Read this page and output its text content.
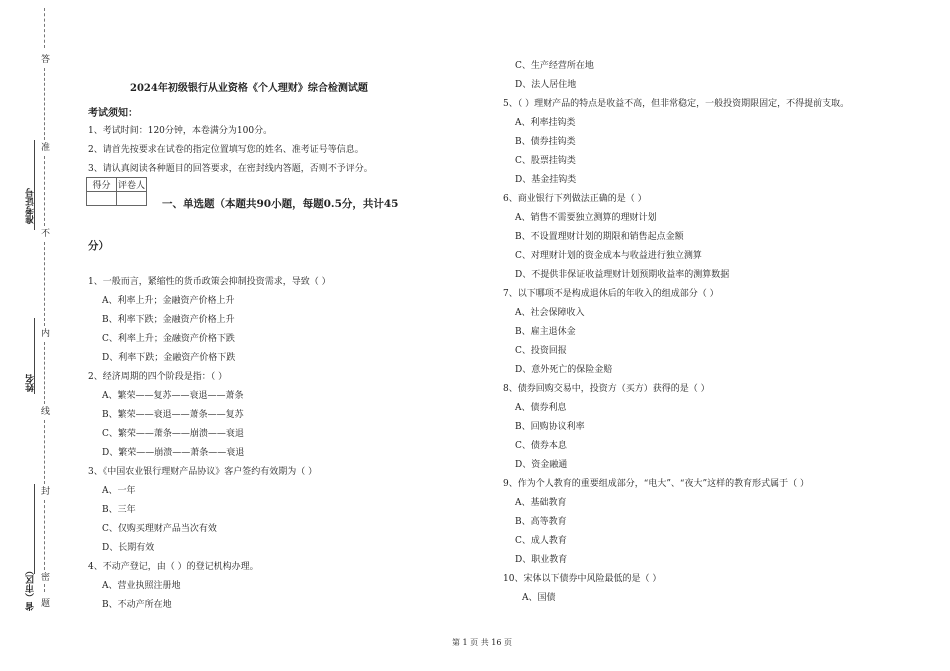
答
准
不
内
线
封
密
题
准考证号
姓名
省（市区）
2024年初级银行从业资格《个人理财》综合检测试题
考试须知：
1、考试时间：120分钟，本卷满分为100分。
2、请首先按要求在试卷的指定位置填写您的姓名、准考证号等信息。
3、请认真阅读各种题目的回答要求，在密封线内答题，否则不予评分。
得分	评卷人

一、单选题（本题共90小题，每题0.5分，共计45
分）
1、一般而言，紧缩性的货币政策会抑制投资需求，导致（ ）
A、利率上升；金融资产价格上升
B、利率下跌；金融资产价格上升
C、利率上升；金融资产价格下跌
D、利率下跌；金融资产价格下跌
2、经济周期的四个阶段是指：（ ）
A、繁荣——复苏——衰退——萧条
B、繁荣——衰退——萧条——复苏
C、繁荣——萧条——崩溃——衰退
D、繁荣——崩溃——萧条——衰退
3、《中国农业银行理财产品协议》客户签约有效期为（ ）
A、一年
B、三年
C、仅购买理财产品当次有效
D、长期有效
4、不动产登记，由（ ）的登记机构办理。
A、营业执照注册地
B、不动产所在地
C、生产经营所在地
D、法人居住地
5、（ ）理财产品的特点是收益不高，但非常稳定，一般投资期限固定，不得提前支取。
A、利率挂钩类
B、债券挂钩类
C、股票挂钩类
D、基金挂钩类
6、商业银行下列做法正确的是（ ）
A、销售不需要独立测算的理财计划
B、不设置理财计划的期限和销售起点金额
C、对理财计划的资金成本与收益进行独立测算
D、不提供非保证收益理财计划预期收益率的测算数据
7、以下哪项不是构成退休后的年收入的组成部分（ ）
A、社会保障收入
B、雇主退休金
C、投资回报
D、意外死亡的保险金赔
8、债券回购交易中，投资方（买方）获得的是（ ）
A、债券利息
B、回购协议利率
C、债券本息
D、资金融通
9、作为个人教育的重要组成部分，“电大”、“夜大”这样的教育形式属于（ ）
A、基础教育
B、高等教育
C、成人教育
D、职业教育
10、宋体以下债券中风险最低的是（ ）
A、国债
第 1 页 共 16 页
